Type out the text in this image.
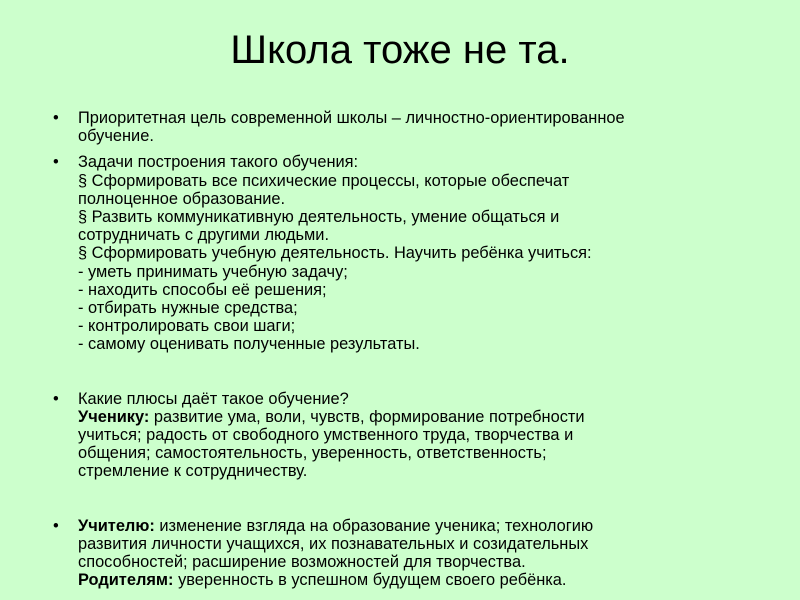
Школа тоже не та.
• Приоритетная цель современной школы – личностно-ориентированное
обучение.
• Задачи построения такого обучения:
§ Сформировать все психические процессы, которые обеспечат
полноценное образование.
§ Развить коммуникативную деятельность, умение общаться и
сотрудничать с другими людьми.
§ Сформировать учебную деятельность. Научить ребёнка учиться:
- уметь принимать учебную задачу;
- находить способы её решения;
- отбирать нужные средства;
- контролировать свои шаги;
- самому оценивать полученные результаты.
• Какие плюсы даёт такое обучение?
Ученику: развитие ума, воли, чувств, формирование потребности
учиться; радость от свободного умственного труда, творчества и
общения; самостоятельность, уверенность, ответственность;
стремление к сотрудничеству.
• Учителю: изменение взгляда на образование ученика; технологию
развития личности учащихся, их познавательных и созидательных
способностей; расширение возможностей для творчества.
Родителям: уверенность в успешном будущем своего ребёнка.
